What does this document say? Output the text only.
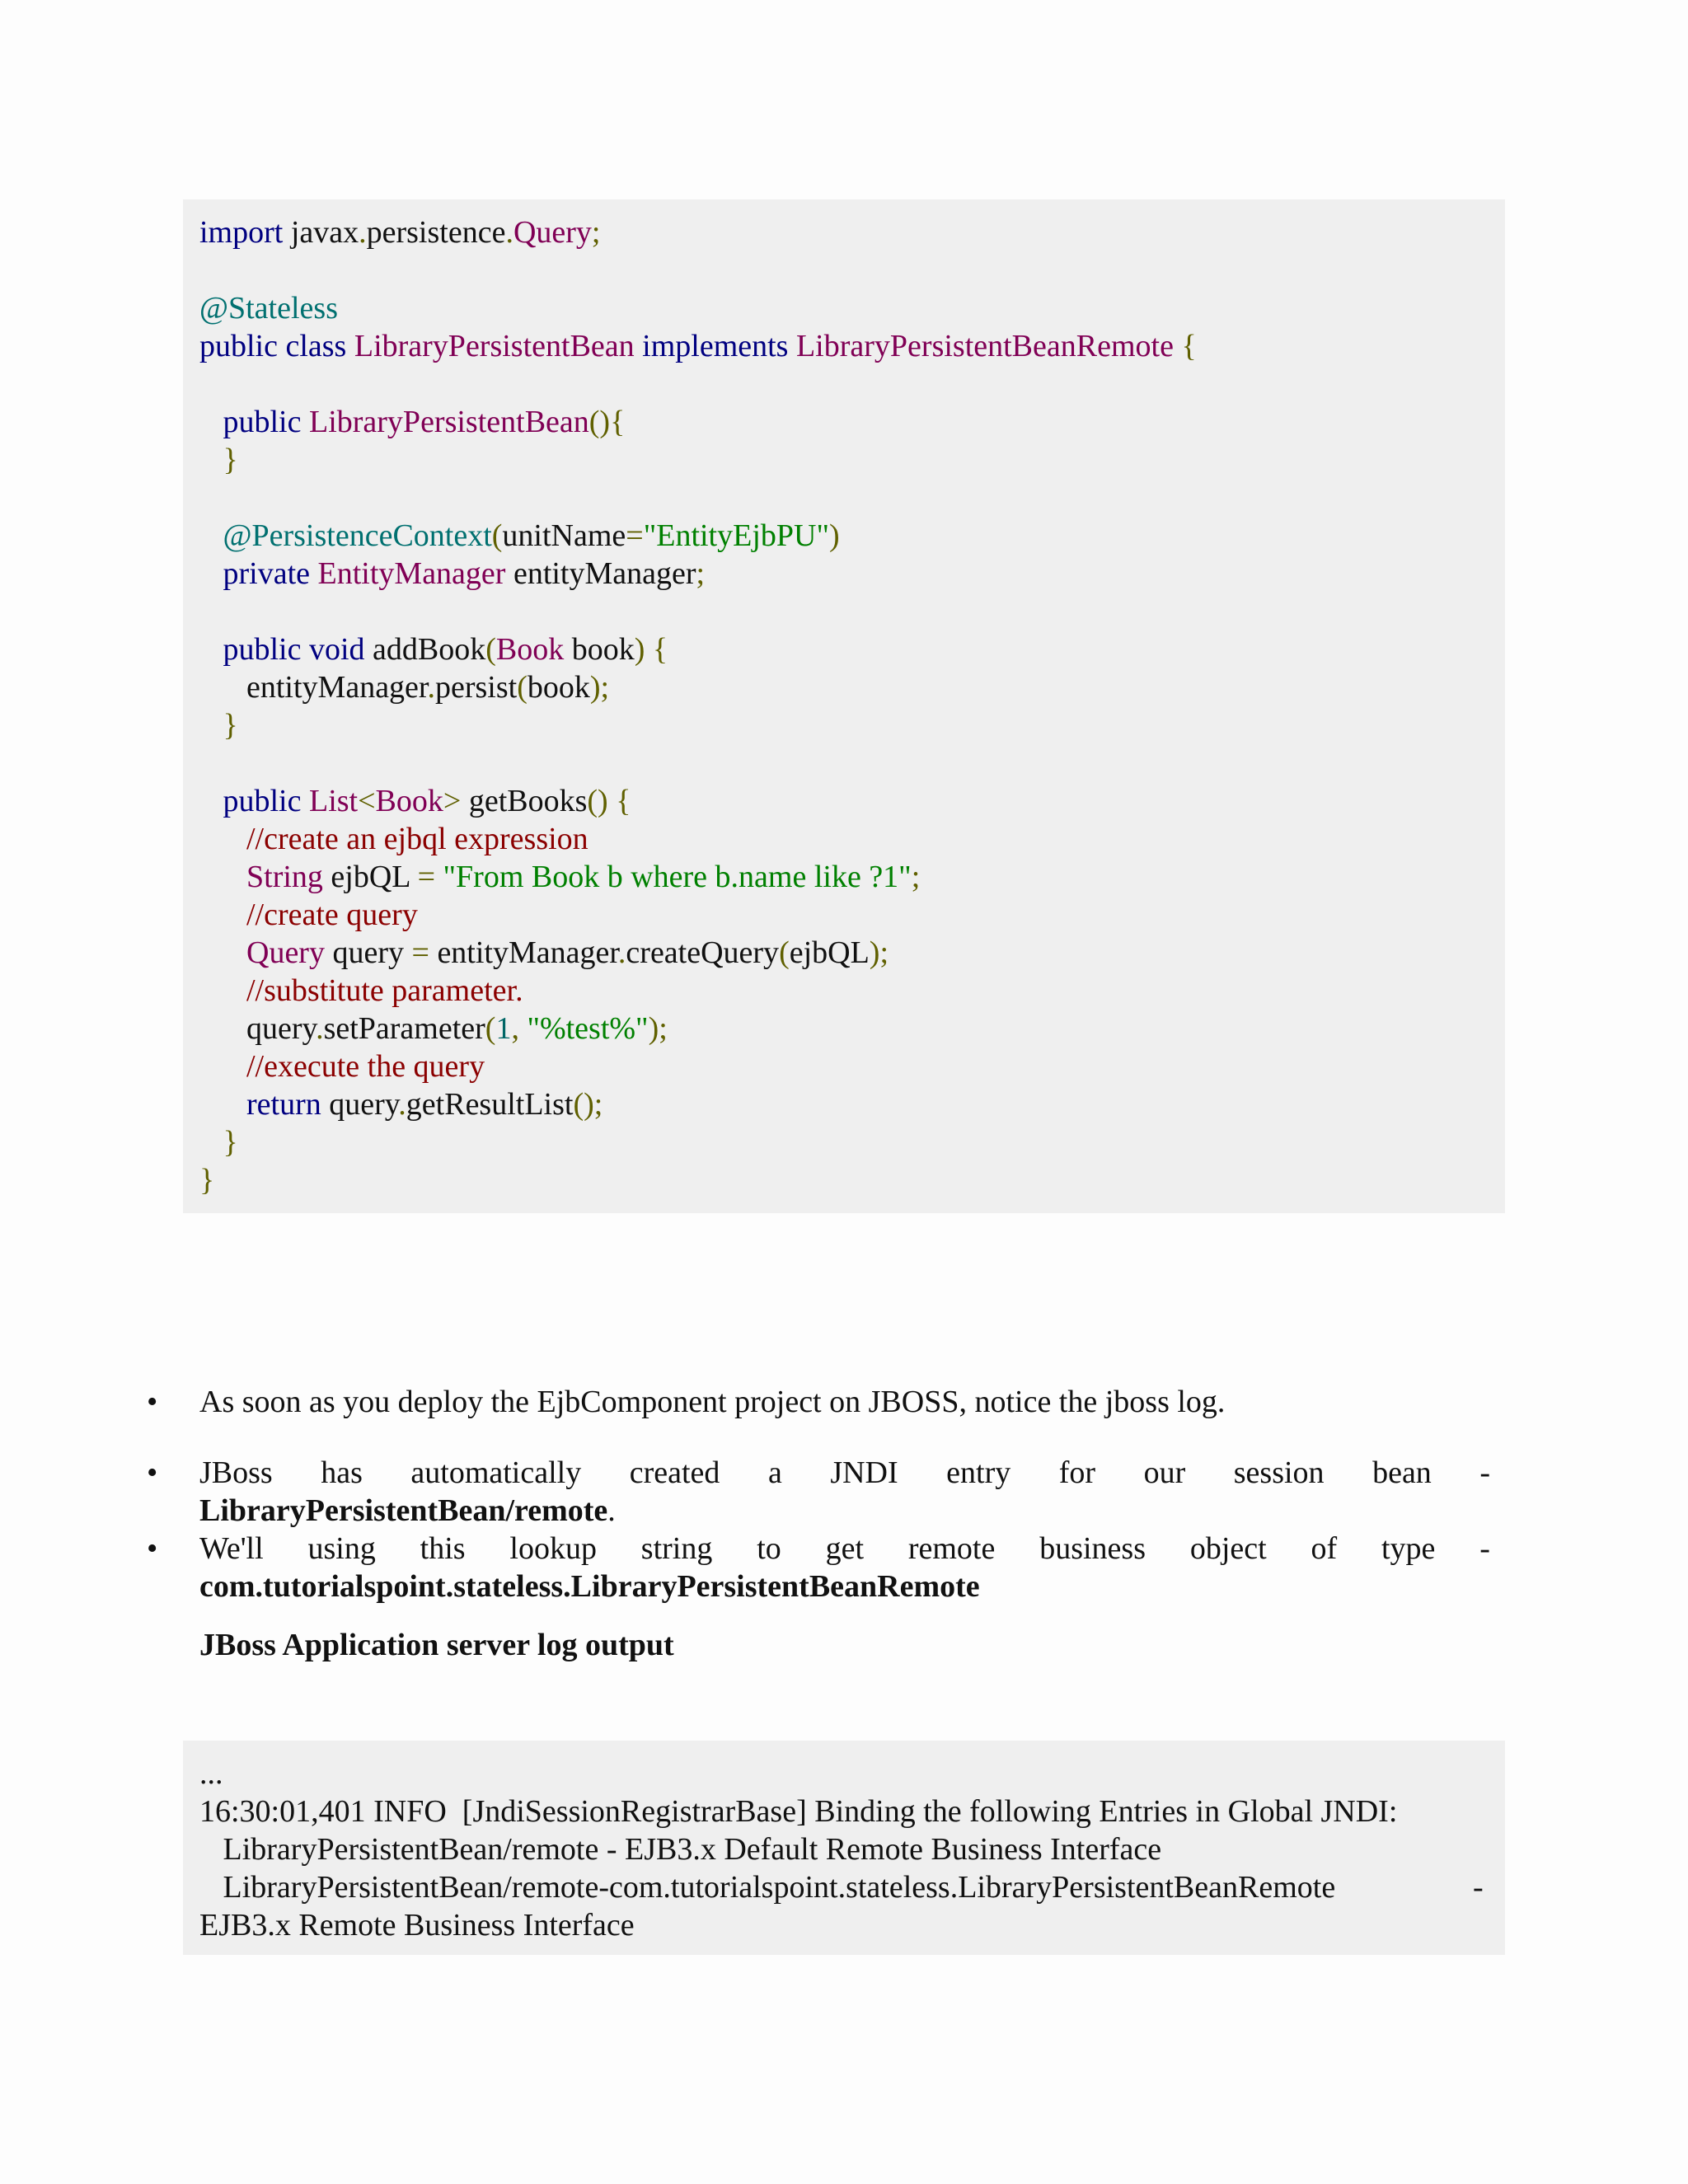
import javax.persistence.Query;
@Stateless
public class LibraryPersistentBean implements LibraryPersistentBeanRemote {
public LibraryPersistentBean(){
}
@PersistenceContext(unitName="EntityEjbPU")
private EntityManager entityManager;
public void addBook(Book book) {
entityManager.persist(book);
}
public List<Book> getBooks() {
//create an ejbql expression
String ejbQL = "From Book b where b.name like ?1";
//create query
Query query = entityManager.createQuery(ejbQL);
//substitute parameter.
query.setParameter(1, "%test%");
//execute the query
return query.getResultList();
}
}
• As soon as you deploy the EjbComponent project on JBOSS, notice the jboss log.
• JBoss has automatically created a JNDI entry for our session bean -
LibraryPersistentBean/remote.
• We'll using this lookup string to get remote business object of type -
com.tutorialspoint.stateless.LibraryPersistentBeanRemote
JBoss Application server log output
...
16:30:01,401 INFO  [JndiSessionRegistrarBase] Binding the following Entries in Global JNDI:
LibraryPersistentBean/remote - EJB3.x Default Remote Business Interface
LibraryPersistentBean/remote-com.tutorialspoint.stateless.LibraryPersistentBeanRemote	-
EJB3.x Remote Business Interface
